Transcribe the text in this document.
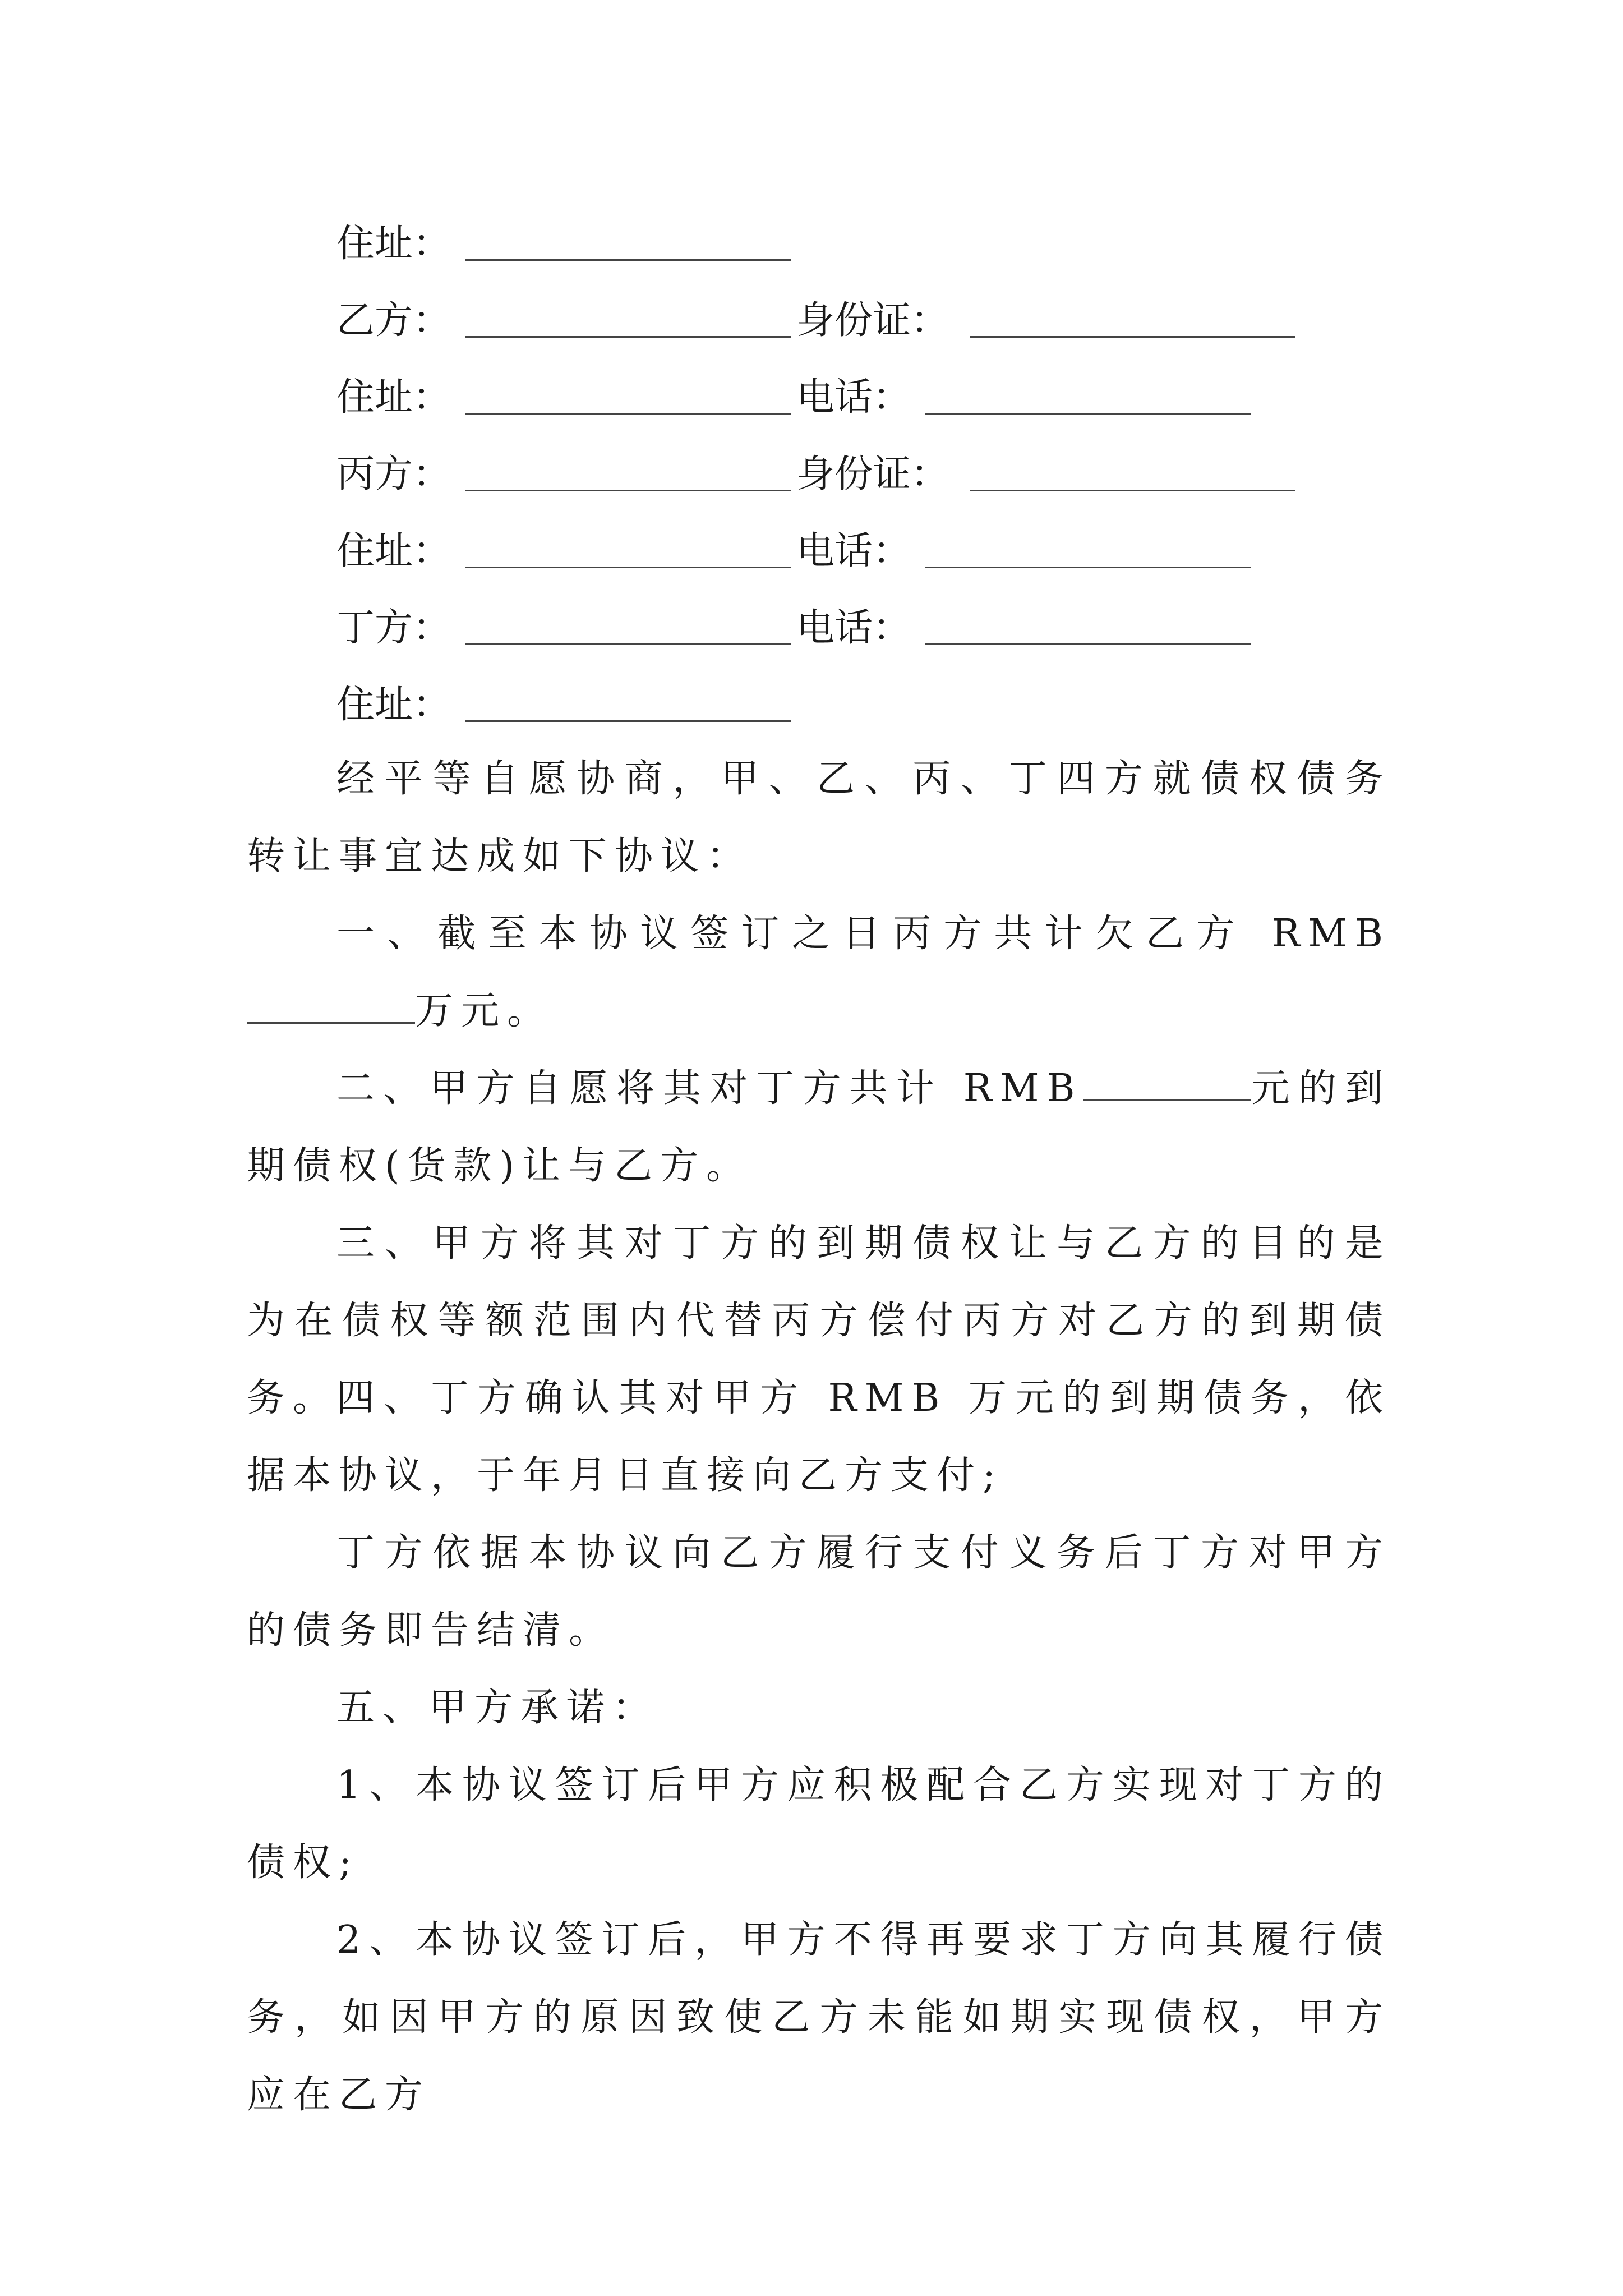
住址：
乙方：	身份证：
住址：	电话：
丙方：	身份证：
住址：	电话：
丁方：	电话：
住址：

经平等自愿协商，甲、乙、丙、丁四方就债权债务转让事宜达成如下协议：

一、截至本协议签订之日丙方共计欠乙方 RMB万元。

二、甲方自愿将其对丁方共计 RMB	元的到期债权(货款)让与乙方。

三、甲方将其对丁方的到期债权让与乙方的目的是为在债权等额范围内代替丙方偿付丙方对乙方的到期债务。

四、丁方确认其对甲方 RMB 万元的到期债务，依据本协议，于年月日直接向乙方支付;

丁方依据本协议向乙方履行支付义务后丁方对甲方的债务即告结清。

五、甲方承诺：

1、本协议签订后甲方应积极配合乙方实现对丁方的债权;

2、本协议签订后，甲方不得再要求丁方向其履行债务，如因甲方的原因致使乙方未能如期实现债权，甲方应在乙方
